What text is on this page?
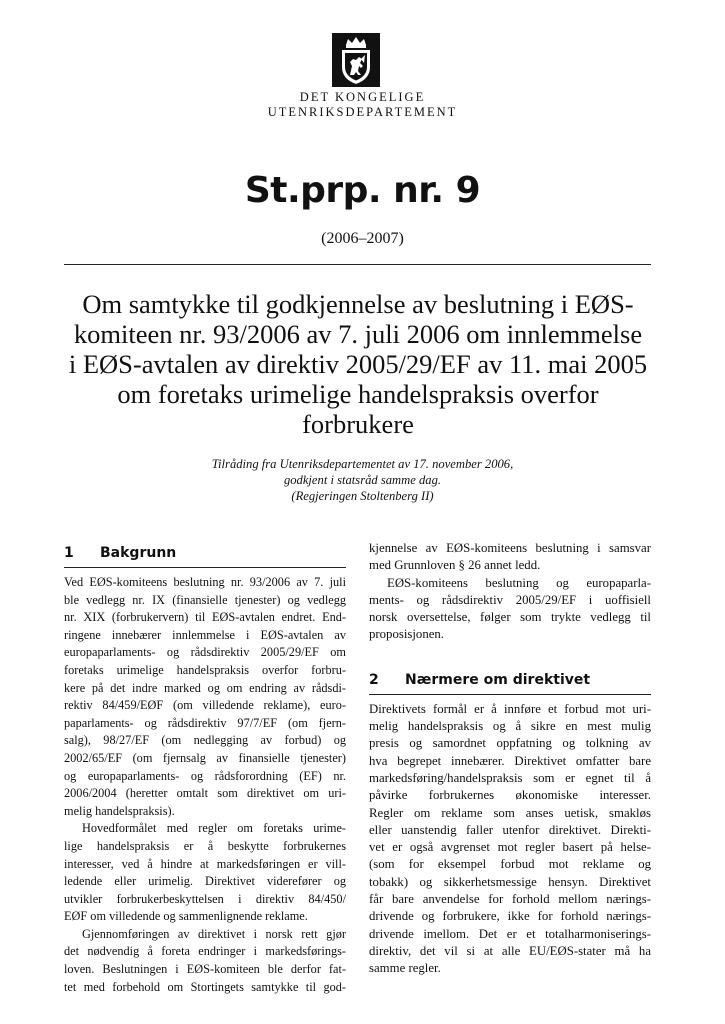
DET KONGELIGE
UTENRIKSDEPARTEMENT
St.prp. nr. 9
(2006–2007)
Om samtykke til godkjennelse av beslutning i EØS-
komiteen nr. 93/2006 av 7. juli 2006 om innlemmelse
i EØS-avtalen av direktiv 2005/29/EF av 11. mai 2005
om foretaks urimelige handelspraksis overfor
forbrukere
Tilråding fra Utenriksdepartementet av 17. november 2006,
godkjent i statsråd samme dag.
(Regjeringen Stoltenberg II)
1 Bakgrunn

Ved EØS-komiteens beslutning nr. 93/2006 av 7. juli
ble vedlegg nr. IX (finansielle tjenester) og vedlegg
nr. XIX (forbrukervern) til EØS-avtalen endret. End-
ringene innebærer innlemmelse i EØS-avtalen av
europaparlaments- og rådsdirektiv 2005/29/EF om
foretaks urimelige handelspraksis overfor forbru-
kere på det indre marked og om endring av rådsdi-
rektiv 84/459/EØF (om villedende reklame), euro-
paparlaments- og rådsdirektiv 97/7/EF (om fjern-
salg), 98/27/EF (om nedlegging av forbud) og
2002/65/EF (om fjernsalg av finansielle tjenester)
og europaparlaments- og rådsforordning (EF) nr.
2006/2004 (heretter omtalt som direktivet om uri-
melig handelspraksis).

Hovedformålet med regler om foretaks urime-
lige handelspraksis er å beskytte forbrukernes
interesser, ved å hindre at markedsføringen er vill-
ledende eller urimelig. Direktivet viderefører og
utvikler forbrukerbeskyttelsen i direktiv 84/450/
EØF om villedende og sammenlignende reklame.

Gjennomføringen av direktivet i norsk rett gjør
det nødvendig å foreta endringer i markedsførings-
loven. Beslutningen i EØS-komiteen ble derfor fat-
tet med forbehold om Stortingets samtykke til god-

kjennelse av EØS-komiteens beslutning i samsvar
med Grunnloven § 26 annet ledd.

EØS-komiteens beslutning og europaparla-
ments- og rådsdirektiv 2005/29/EF i uoffisiell
norsk oversettelse, følger som trykte vedlegg til
proposisjonen.

2 Nærmere om direktivet

Direktivets formål er å innføre et forbud mot uri-
melig handelspraksis og å sikre en mest mulig
presis og samordnet oppfatning og tolkning av
hva begrepet innebærer. Direktivet omfatter bare
markedsføring/handelspraksis som er egnet til å
påvirke forbrukernes økonomiske interesser.
Regler om reklame som anses uetisk, smakløs
eller uanstendig faller utenfor direktivet. Direkti-
vet er også avgrenset mot regler basert på helse-
(som for eksempel forbud mot reklame og
tobakk) og sikkerhetsmessige hensyn. Direktivet
får bare anvendelse for forhold mellom nærings-
drivende og forbrukere, ikke for forhold nærings-
drivende imellom. Det er et totalharmoniserings-
direktiv, det vil si at alle EU/EØS-stater må ha
samme regler.
